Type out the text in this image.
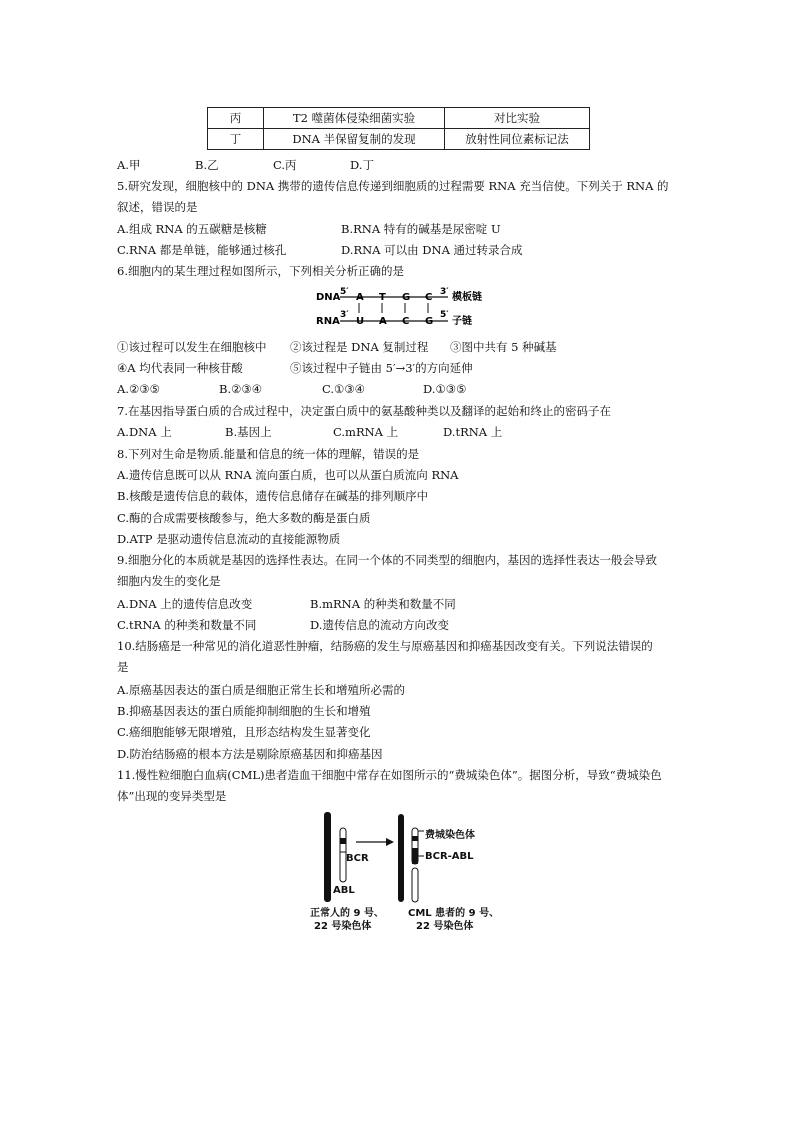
丙	T2 噬菌体侵染细菌实验	对比实验
丁	DNA 半保留复制的发现	放射性同位素标记法
A.甲	B.乙	C.丙	D.丁
5.研究发现，细胞核中的 DNA 携带的遗传信息传递到细胞质的过程需要 RNA 充当信使。下列关于 RNA 的
叙述，错误的是
A.组成 RNA 的五碳糖是核糖	B.RNA 特有的碱基是尿密啶 U
C.RNA 都是单链，能够通过核孔	D.RNA 可以由 DNA 通过转录合成
6.细胞内的某生理过程如图所示，下列相关分析正确的是
DNA 5′ A T G C 3′ 模板链
RNA
3′
U A C G
5′
子链
①该过程可以发生在细胞核中 ②该过程是 DNA 复制过程 ③图中共有 5 种碱基
④A 均代表同一种核苷酸	⑤该过程中子链由 5′→3′的方向延伸
A.②③⑤	B.②③④	C.①③④	D.①③⑤
7.在基因指导蛋白质的合成过程中，决定蛋白质中的氨基酸种类以及翻译的起始和终止的密码子在
A.DNA 上	B.基因上	C.mRNA 上	D.tRNA 上
8.下列对生命是物质.能量和信息的统一体的理解，错误的是
A.遗传信息既可以从 RNA 流向蛋白质，也可以从蛋白质流向 RNA
B.核酸是遗传信息的载体，遗传信息储存在碱基的排列顺序中
C.酶的合成需要核酸参与，绝大多数的酶是蛋白质
D.ATP 是驱动遗传信息流动的直接能源物质
9.细胞分化的本质就是基因的选择性表达。在同一个体的不同类型的细胞内，基因的选择性表达一般会导致
细胞内发生的变化是
A.DNA 上的遗传信息改变	B.mRNA 的种类和数量不同
C.tRNA 的种类和数量不同	D.遗传信息的流动方向改变
10.结肠癌是一种常见的消化道恶性肿瘤，结肠癌的发生与原癌基因和抑癌基因改变有关。下列说法错误的
是
A.原癌基因表达的蛋白质是细胞正常生长和增殖所必需的
B.抑癌基因表达的蛋白质能抑制细胞的生长和增殖
C.癌细胞能够无限增殖，且形态结构发生显著变化
D.防治结肠癌的根本方法是剔除原癌基因和抑癌基因
11.慢性粒细胞白血病(CML)患者造血干细胞中常存在如图所示的“费城染色体”。据图分析，导致“费城染色
体”出现的变异类型是
费城染色体
BCR	BCR-ABL
ABL
正常人的 9 号、
22 号染色体
CML 患者的 9 号、
22 号染色体
